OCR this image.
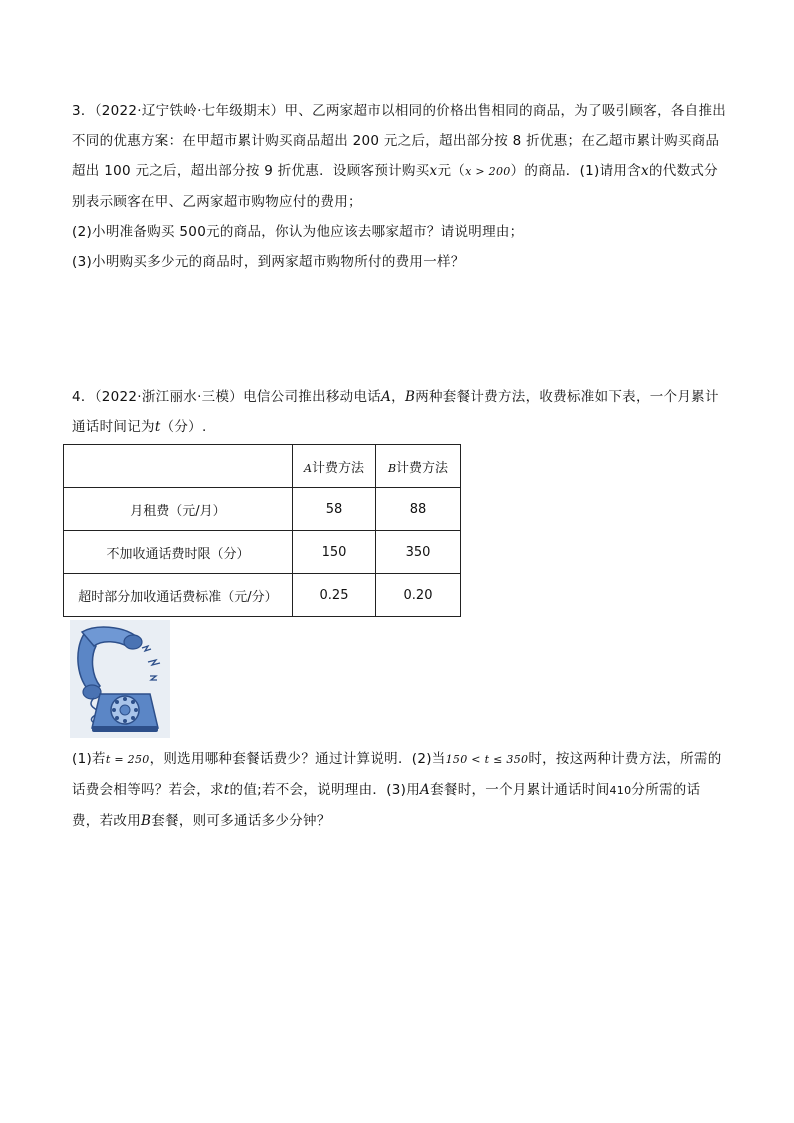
3．（2022·辽宁铁岭·七年级期末）甲、乙两家超市以相同的价格出售相同的商品，为了吸引顾客，各自推出
不同的优惠方案：在甲超市累计购买商品超出 200 元之后，超出部分按 8 折优惠；在乙超市累计购买商品
超出 100 元之后，超出部分按 9 折优惠．设顾客预计购买x元（x > 200）的商品．(1)请用含x的代数式分
别表示顾客在甲、乙两家超市购物应付的费用；
(2)小明准备购买 500元的商品，你认为他应该去哪家超市？请说明理由；
(3)小明购买多少元的商品时，到两家超市购物所付的费用一样？
4．（2022·浙江丽水·三模）电信公司推出移动电话A，B两种套餐计费方法，收费标准如下表，一个月累计
通话时间记为t（分）.
	A计费方法	B计费方法
月租费（元/月）	58	88
不加收通话费时限（分）	150	350
超时部分加收通话费标准（元/分）	0.25	0.20
(1)若t = 250，则选用哪种套餐话费少？通过计算说明．(2)当150 < t ≤ 350时，按这两种计费方法，所需的
话费会相等吗？若会，求t的值;若不会，说明理由．(3)用A套餐时，一个月累计通话时间410分所需的话
费，若改用B套餐，则可多通话多少分钟？
